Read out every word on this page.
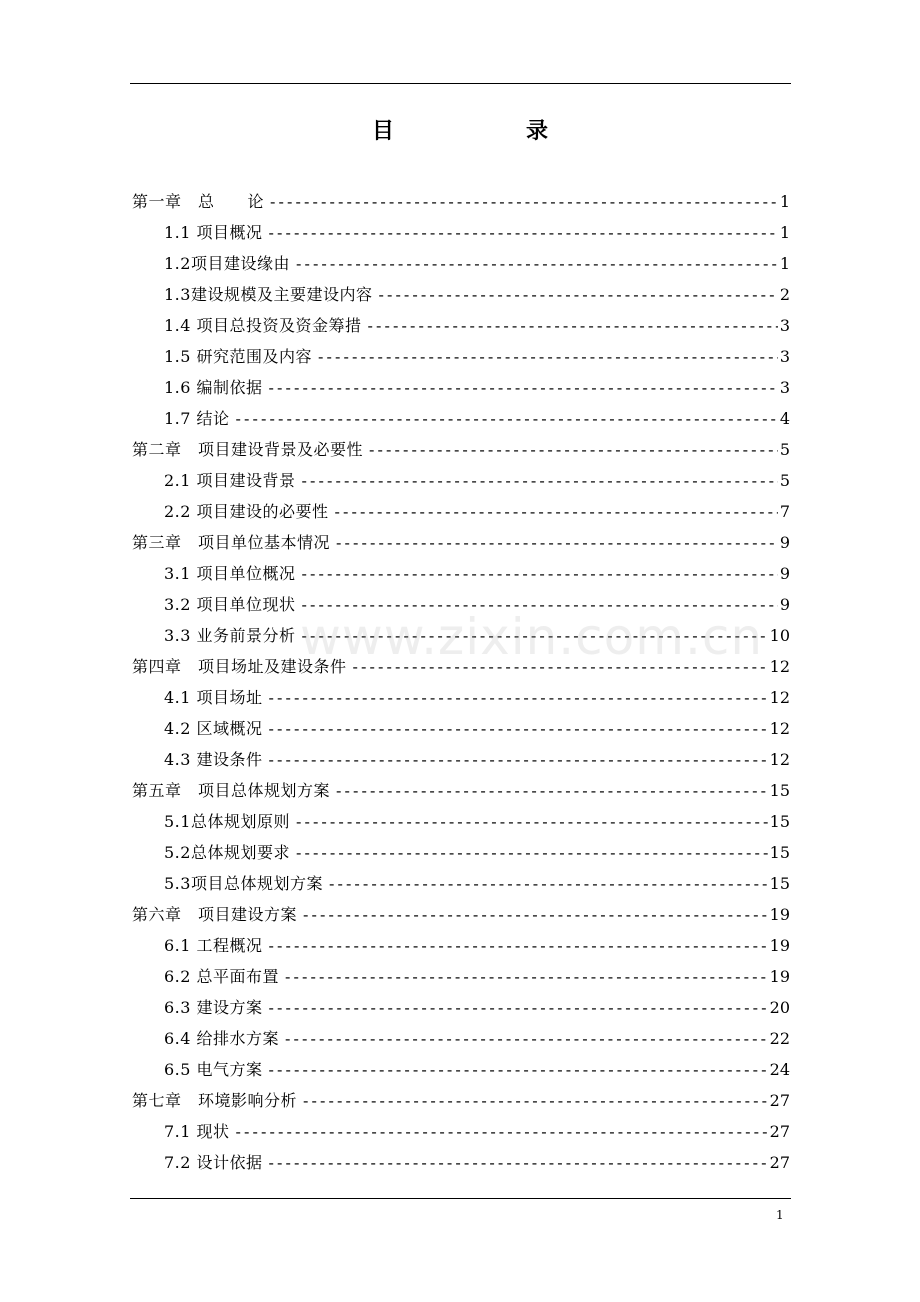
目　录
第一章　总　　论 - - -	1
1.1 项目概况 - - -	1
1.2项目建设缘由 - - -	1
1.3建设规模及主要建设内容 - - -	2
1.4 项目总投资及资金筹措 - - -	3
1.5 研究范围及内容 - - -	3
1.6 编制依据 - - -	3
1.7 结论 - - -	4
第二章　项目建设背景及必要性 - - -	5
2.1 项目建设背景 - - -	5
2.2 项目建设的必要性 - - -	7
第三章　项目单位基本情况 - - -	9
3.1 项目单位概况 - - -	9
3.2 项目单位现状 - - -	9
3.3 业务前景分析 - - -	10
第四章　项目场址及建设条件 - - -	12
4.1 项目场址 - - -	12
4.2 区域概况 - - -	12
4.3 建设条件 - - -	12
第五章　项目总体规划方案 - - -	15
5.1总体规划原则 - - -	15
5.2总体规划要求 - - -	15
5.3项目总体规划方案 - - -	15
第六章　项目建设方案 - - -	19
6.1 工程概况 - - -	19
6.2 总平面布置 - - -	19
6.3 建设方案 - - -	20
6.4 给排水方案 - - -	22
6.5 电气方案 - - -	24
第七章　环境影响分析 - - -	27
7.1 现状 - - -	27
7.2 设计依据 - - -	27
www.zixin.com.cn
1
